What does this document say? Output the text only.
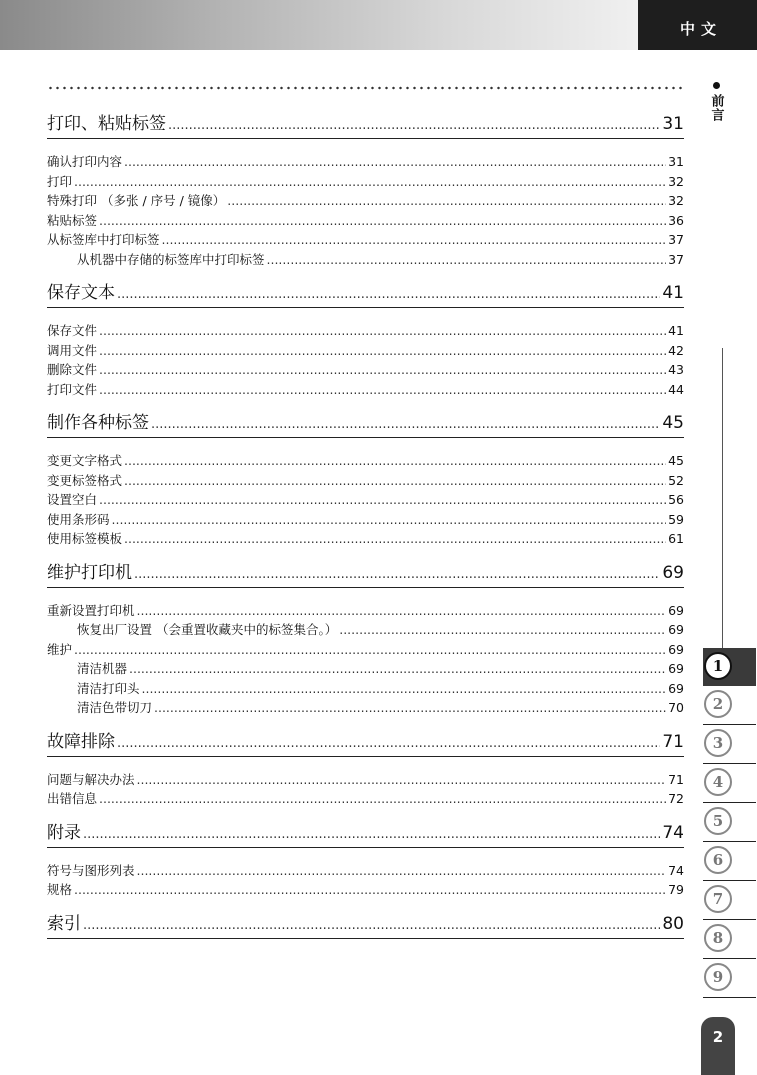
中文
前言
打印、粘贴标签 .....	31
确认打印内容 .....	31
打印 .....	32
特殊打印 （多张 / 序号 / 镜像） .....	32
粘贴标签 .....	36
从标签库中打印标签 .....	37
从机器中存储的标签库中打印标签 .....	37
保存文本 .....	41
保存文件 .....	41
调用文件 .....	42
删除文件 .....	43
打印文件 .....	44
制作各种标签 .....	45
变更文字格式 .....	45
变更标签格式 .....	52
设置空白 .....	56
使用条形码 .....	59
使用标签模板 .....	61
维护打印机 .....	69
重新设置打印机 .....	69
恢复出厂设置 （会重置收藏夹中的标签集合。） .....	69
维护 .....	69
清洁机器 .....	69
清洁打印头 .....	69
清洁色带切刀 .....	70
故障排除 .....	71
问题与解决办法 .....	71
出错信息 .....	72
附录 .....	74
符号与图形列表 .....	74
规格 .....	79
索引 .....	80
1
2
3
4
5
6
7
8
9
2
